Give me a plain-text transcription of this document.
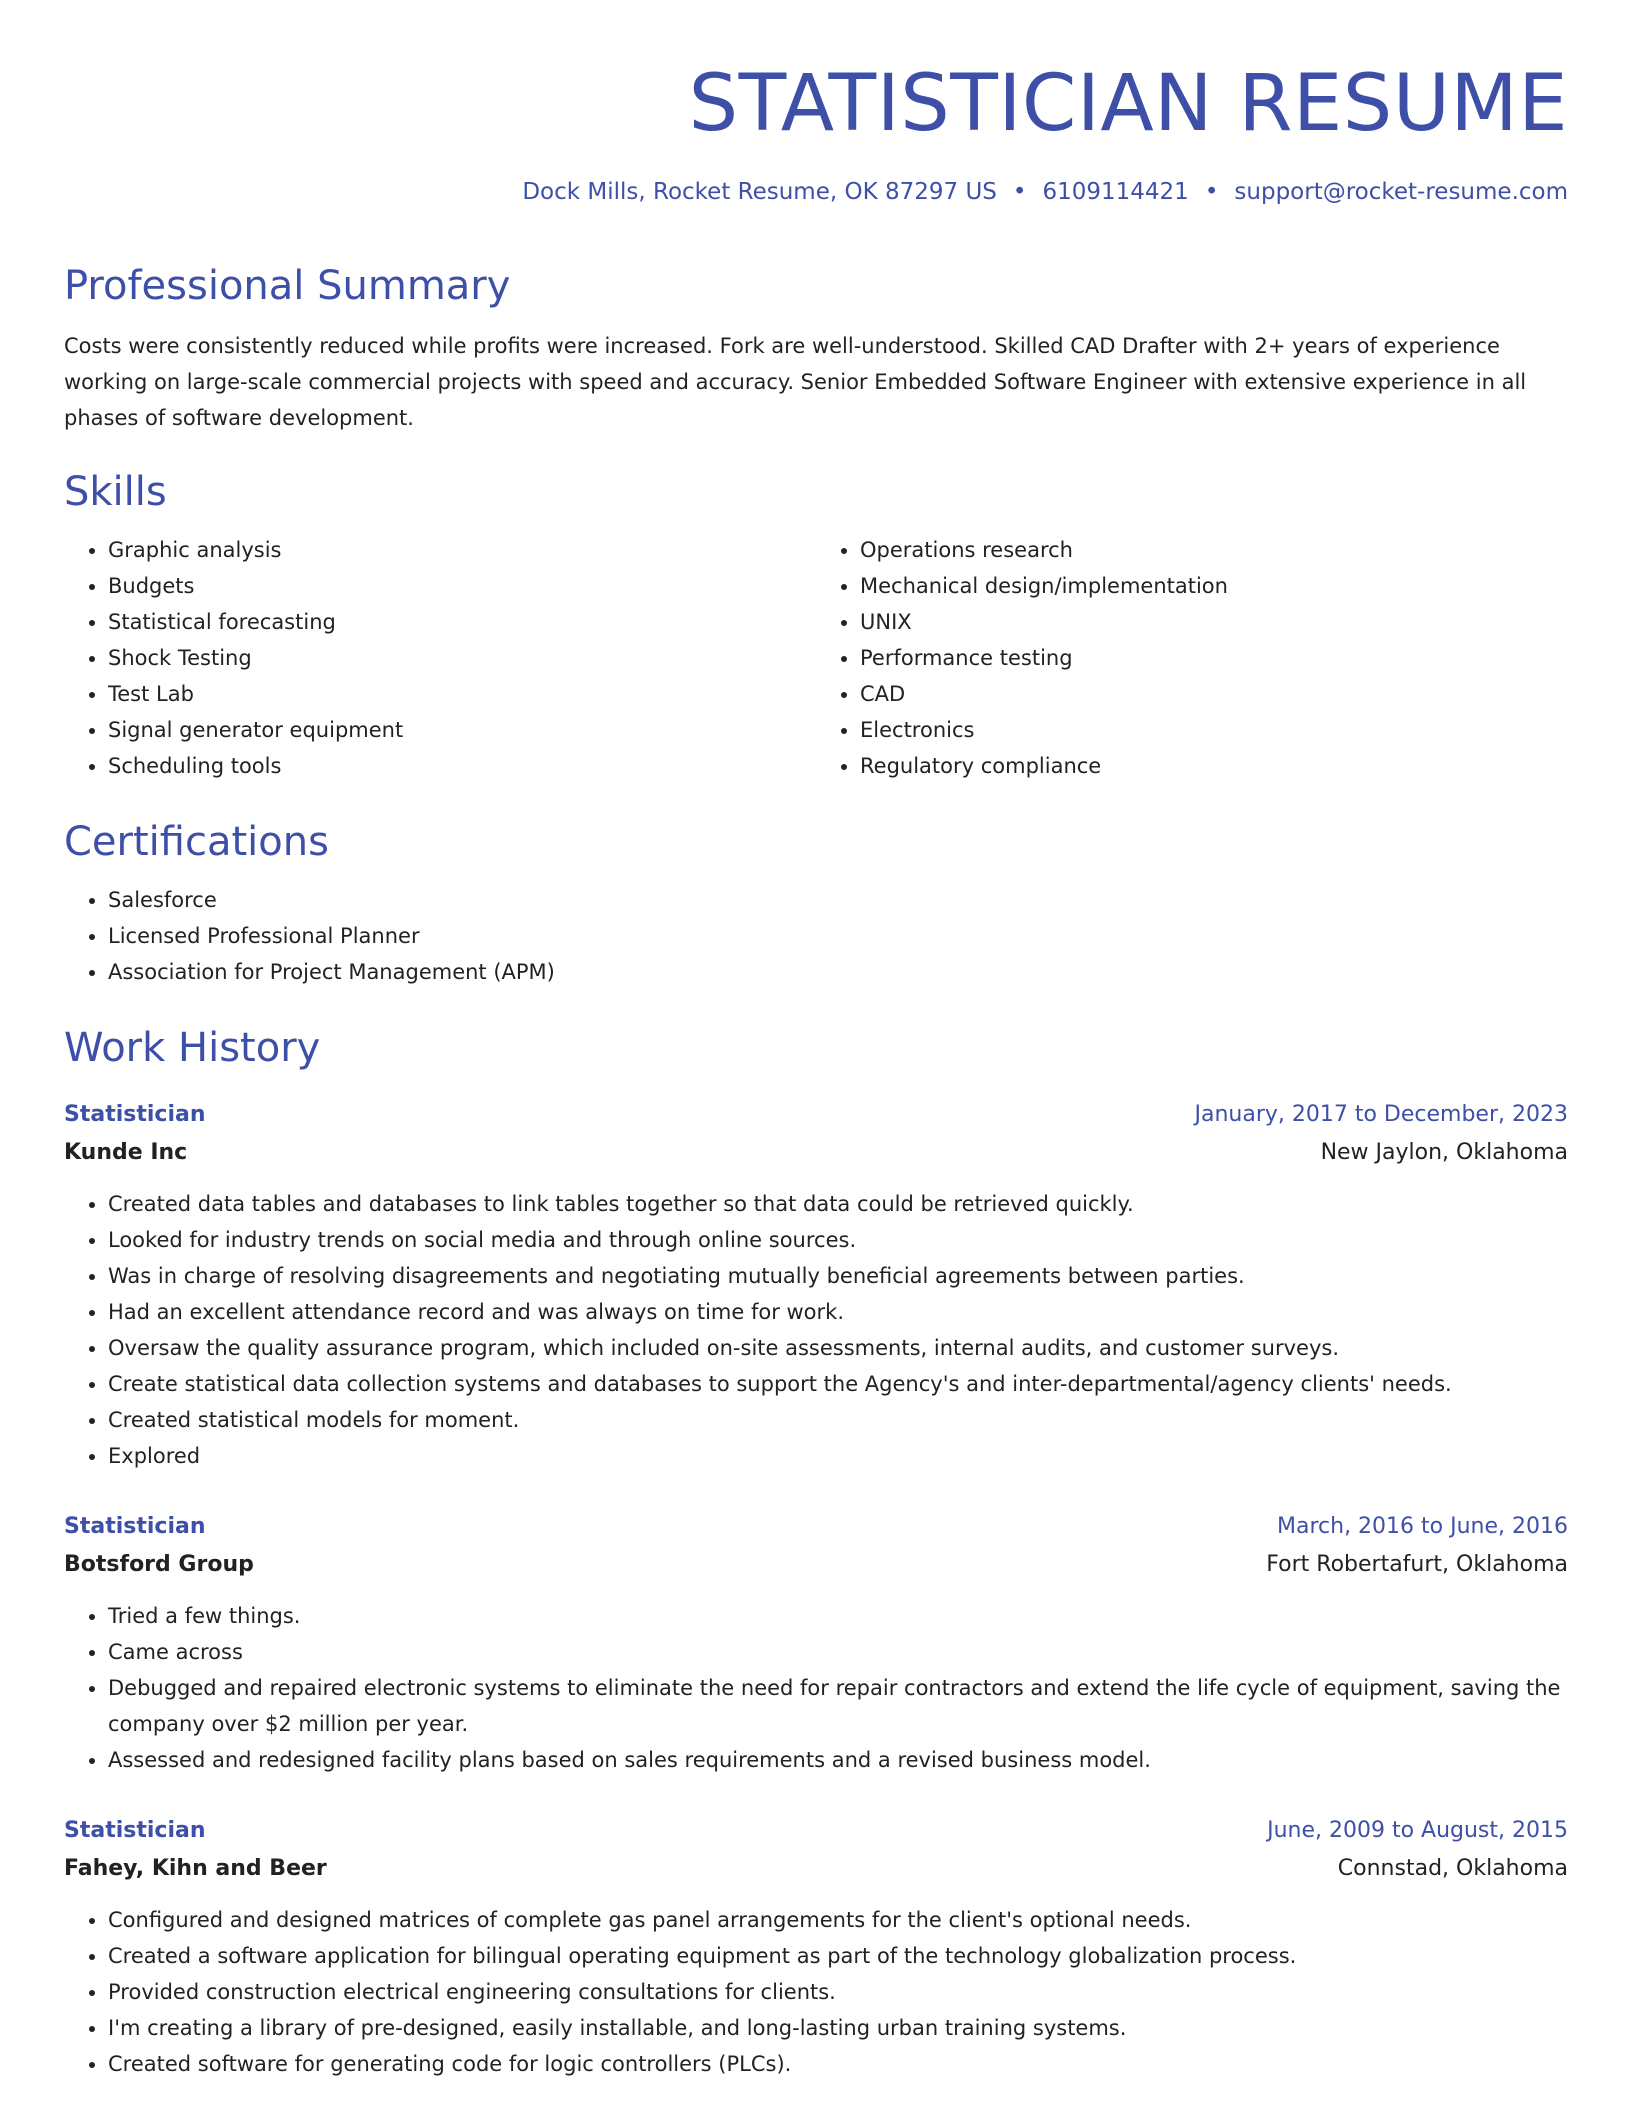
STATISTICIAN RESUME
Dock Mills, Rocket Resume, OK 87297 US • 6109114421 • support@rocket-resume.com
Professional Summary
Costs were consistently reduced while profits were increased. Fork are well-understood. Skilled CAD Drafter with 2+ years of experience working on large-scale commercial projects with speed and accuracy. Senior Embedded Software Engineer with extensive experience in all phases of software development.
Skills
• Graphic analysis
• Budgets
• Statistical forecasting
• Shock Testing
• Test Lab
• Signal generator equipment
• Scheduling tools
• Operations research
• Mechanical design/implementation
• UNIX
• Performance testing
• CAD
• Electronics
• Regulatory compliance
Certifications
• Salesforce
• Licensed Professional Planner
• Association for Project Management (APM)
Work History
Statistician	January, 2017 to December, 2023
Kunde Inc	New Jaylon, Oklahoma
• Created data tables and databases to link tables together so that data could be retrieved quickly.
• Looked for industry trends on social media and through online sources.
• Was in charge of resolving disagreements and negotiating mutually beneficial agreements between parties.
• Had an excellent attendance record and was always on time for work.
• Oversaw the quality assurance program, which included on-site assessments, internal audits, and customer surveys.
• Create statistical data collection systems and databases to support the Agency's and inter-departmental/agency clients' needs.
• Created statistical models for moment.
• Explored
Statistician	March, 2016 to June, 2016
Botsford Group	Fort Robertafurt, Oklahoma
• Tried a few things.
• Came across
• Debugged and repaired electronic systems to eliminate the need for repair contractors and extend the life cycle of equipment, saving the company over $2 million per year.
• Assessed and redesigned facility plans based on sales requirements and a revised business model.
Statistician	June, 2009 to August, 2015
Fahey, Kihn and Beer	Connstad, Oklahoma
• Configured and designed matrices of complete gas panel arrangements for the client's optional needs.
• Created a software application for bilingual operating equipment as part of the technology globalization process.
• Provided construction electrical engineering consultations for clients.
• I'm creating a library of pre-designed, easily installable, and long-lasting urban training systems.
• Created software for generating code for logic controllers (PLCs).
